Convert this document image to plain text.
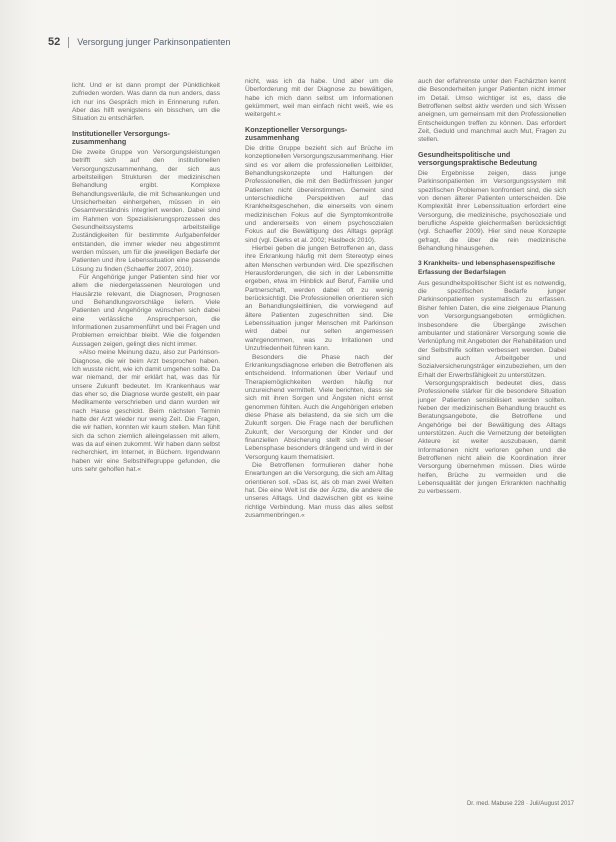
52 Versorgung junger Parkinsonpatienten

licht. Und er ist dann prompt der Pünktlichkeit zufrieden worden. Was dann da nun anders, dass ich nur ins Gespräch mich in Erinnerung rufen. Aber das hilft wenigstens ein bisschen, um die Situation zu entschärfen.

Institutioneller Versorgungs-zusammenhang

Die zweite Gruppe von Versorgungsleistungen betrifft sich auf den institutionellen Versorgungszusammenhang, der sich aus arbeitsteiligen Strukturen der medizinischen Behandlung ergibt. Komplexe Behandlungsverläufe, die mit Schwankungen und Unsicherheiten einhergehen, müssen in ein Gesamtverständnis integriert werden. Dabei sind im Rahmen von Spezialisierungsprozessen des Gesundheitssystems arbeitsteilige Zuständigkeiten für bestimmte Aufgabenfelder entstanden, die immer wieder neu abgestimmt werden müssen, um für die jeweiligen Bedarfe der Patienten und ihre Lebenssituation eine passende Lösung zu finden (Schaeffer 2007, 2010).

Für Angehörige junger Patienten sind hier vor allem die niedergelassenen Neurologen und Hausärzte relevant, die Diagnosen, Prognosen und Behandlungsvorschläge liefern. Viele Patienten und Angehörige wünschen sich dabei eine verlässliche Ansprechperson, die Informationen zusammenführt und bei Fragen und Problemen erreichbar bleibt. Wie die folgenden Aussagen zeigen, gelingt dies nicht immer.

»Also meine Meinung dazu, also zur Parkinson-Diagnose, die wir beim Arzt besprochen haben. Ich wusste nicht, wie ich damit umgehen sollte. Da war niemand, der mir erklärt hat, was das für unsere Zukunft bedeutet. Im Krankenhaus war das eher so, die Diagnose wurde gestellt, ein paar Medikamente verschrieben und dann wurden wir nach Hause geschickt. Beim nächsten Termin hatte der Arzt wieder nur wenig Zeit. Die Fragen, die wir hatten, konnten wir kaum stellen. Man fühlt sich da schon ziemlich alleingelassen mit allem, was da auf einen zukommt. Wir haben dann selbst recherchiert, im Internet, in Büchern. Irgendwann haben wir eine Selbsthilfegruppe gefunden, die uns sehr geholfen hat.«

nicht, was ich da habe. Und aber um die Überforderung mit der Diagnose zu bewältigen, habe ich mich dann selbst um Informationen gekümmert, weil man einfach nicht weiß, wie es weitergeht.«

Konzeptioneller Versorgungs-zusammenhang

Die dritte Gruppe bezieht sich auf Brüche im konzeptionellen Versorgungszusammenhang. Hier sind es vor allem die professionellen Leitbilder, Behandlungskonzepte und Haltungen der Professionellen, die mit den Bedürfnissen junger Patienten nicht übereinstimmen. Gemeint sind unterschiedliche Perspektiven auf das Krankheitsgeschehen, die einerseits von einem medizinischen Fokus auf die Symptomkontrolle und andererseits von einem psychosozialen Fokus auf die Bewältigung des Alltags geprägt sind (vgl. Dierks et al. 2002; Haslbeck 2010).

Hierbei geben die jungen Betroffenen an, dass ihre Erkrankung häufig mit dem Stereotyp eines alten Menschen verbunden wird. Die spezifischen Herausforderungen, die sich in der Lebensmitte ergeben, etwa im Hinblick auf Beruf, Familie und Partnerschaft, werden dabei oft zu wenig berücksichtigt. Die Professionellen orientieren sich an Behandlungsleitlinien, die vorwiegend auf ältere Patienten zugeschnitten sind. Die Lebenssituation junger Menschen mit Parkinson wird dabei nur selten angemessen wahrgenommen, was zu Irritationen und Unzufriedenheit führen kann.

Besonders die Phase nach der Erkrankungsdiagnose erleben die Betroffenen als entscheidend. Informationen über Verlauf und Therapiemöglichkeiten werden häufig nur unzureichend vermittelt. Viele berichten, dass sie sich mit ihren Sorgen und Ängsten nicht ernst genommen fühlten. Auch die Angehörigen erleben diese Phase als belastend, da sie sich um die Zukunft sorgen. Die Frage nach der beruflichen Zukunft, der Versorgung der Kinder und der finanziellen Absicherung stellt sich in dieser Lebensphase besonders drängend und wird in der Versorgung kaum thematisiert.

Die Betroffenen formulieren daher hohe Erwartungen an die Versorgung, die sich am Alltag orientieren soll. »Das ist, als ob man zwei Welten hat. Die eine Welt ist die der Ärzte, die andere die unseres Alltags. Und dazwischen gibt es keine richtige Verbindung. Man muss das alles selbst zusammenbringen.«

auch der erfahrenste unter den Fachärzten kennt die Besonderheiten junger Patienten nicht immer im Detail. Umso wichtiger ist es, dass die Betroffenen selbst aktiv werden und sich Wissen aneignen, um gemeinsam mit den Professionellen Entscheidungen treffen zu können. Das erfordert Zeit, Geduld und manchmal auch Mut, Fragen zu stellen.

Gesundheitspolitische und versorgungspraktische Bedeutung

Die Ergebnisse zeigen, dass junge Parkinsonpatienten im Versorgungssystem mit spezifischen Problemen konfrontiert sind, die sich von denen älterer Patienten unterscheiden. Die Komplexität ihrer Lebenssituation erfordert eine Versorgung, die medizinische, psychosoziale und berufliche Aspekte gleichermaßen berücksichtigt (vgl. Schaeffer 2009). Hier sind neue Konzepte gefragt, die über die rein medizinische Behandlung hinausgehen.

3 Krankheits- und lebensphasenspezifische Erfassung der Bedarfslagen

Aus gesundheitspolitischer Sicht ist es notwendig, die spezifischen Bedarfe junger Parkinsonpatienten systematisch zu erfassen. Bisher fehlen Daten, die eine zielgenaue Planung von Versorgungsangeboten ermöglichen. Insbesondere die Übergänge zwischen ambulanter und stationärer Versorgung sowie die Verknüpfung mit Angeboten der Rehabilitation und der Selbsthilfe sollten verbessert werden. Dabei sind auch Arbeitgeber und Sozialversicherungsträger einzubeziehen, um den Erhalt der Erwerbsfähigkeit zu unterstützen.

Versorgungspraktisch bedeutet dies, dass Professionelle stärker für die besondere Situation junger Patienten sensibilisiert werden sollten. Neben der medizinischen Behandlung braucht es Beratungsangebote, die Betroffene und Angehörige bei der Bewältigung des Alltags unterstützen. Auch die Vernetzung der beteiligten Akteure ist weiter auszubauen, damit Informationen nicht verloren gehen und die Betroffenen nicht allein die Koordination ihrer Versorgung übernehmen müssen. Dies würde helfen, Brüche zu vermeiden und die Lebensqualität der jungen Erkrankten nachhaltig zu verbessern.

Dr. med. Mabuse 228 · Juli/August 2017
